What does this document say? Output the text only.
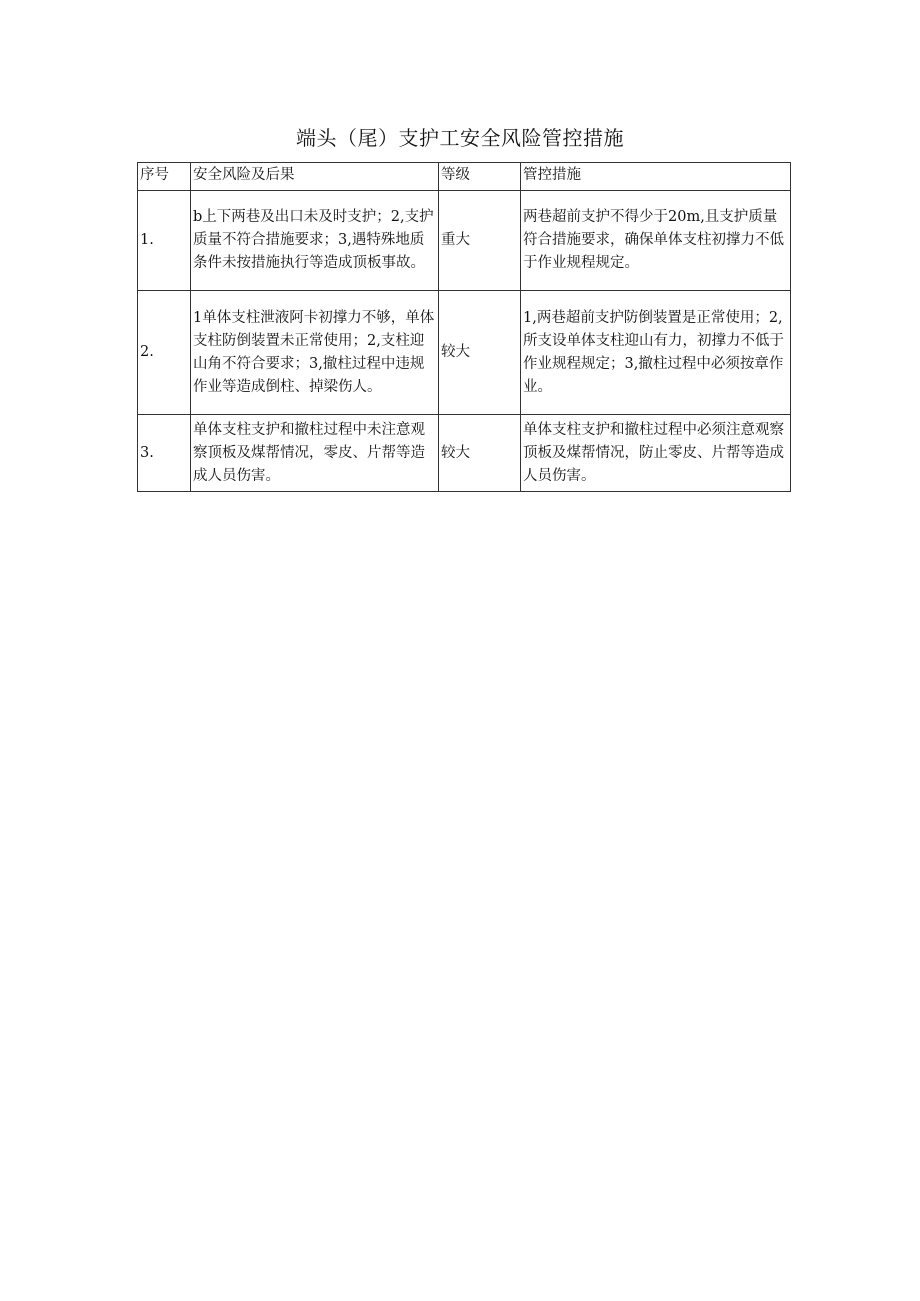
端头（尾）支护工安全风险管控措施
序号	安全风险及后果	等级	管控措施
1.	b上下两巷及出口未及时支护；2,支护质量不符合措施要求；3,遇特殊地质条件未按措施执行等造成顶板事故。	重大	两巷超前支护不得少于20m,且支护质量符合措施要求，确保单体支柱初撑力不低于作业规程规定。
2.	1单体支柱泄液阿卡初撑力不够，单体支柱防倒装置未正常使用；2,支柱迎山角不符合要求；3,撤柱过程中违规作业等造成倒柱、掉梁伤人。	较大	1,两巷超前支护防倒装置是正常使用；2,所支设单体支柱迎山有力，初撑力不低于作业规程规定；3,撤柱过程中必须按章作业。
3.	单体支柱支护和撤柱过程中未注意观察顶板及煤帮情况，零皮、片帮等造成人员伤害。	较大	单体支柱支护和撤柱过程中必须注意观察顶板及煤帮情况，防止零皮、片帮等造成人员伤害。
